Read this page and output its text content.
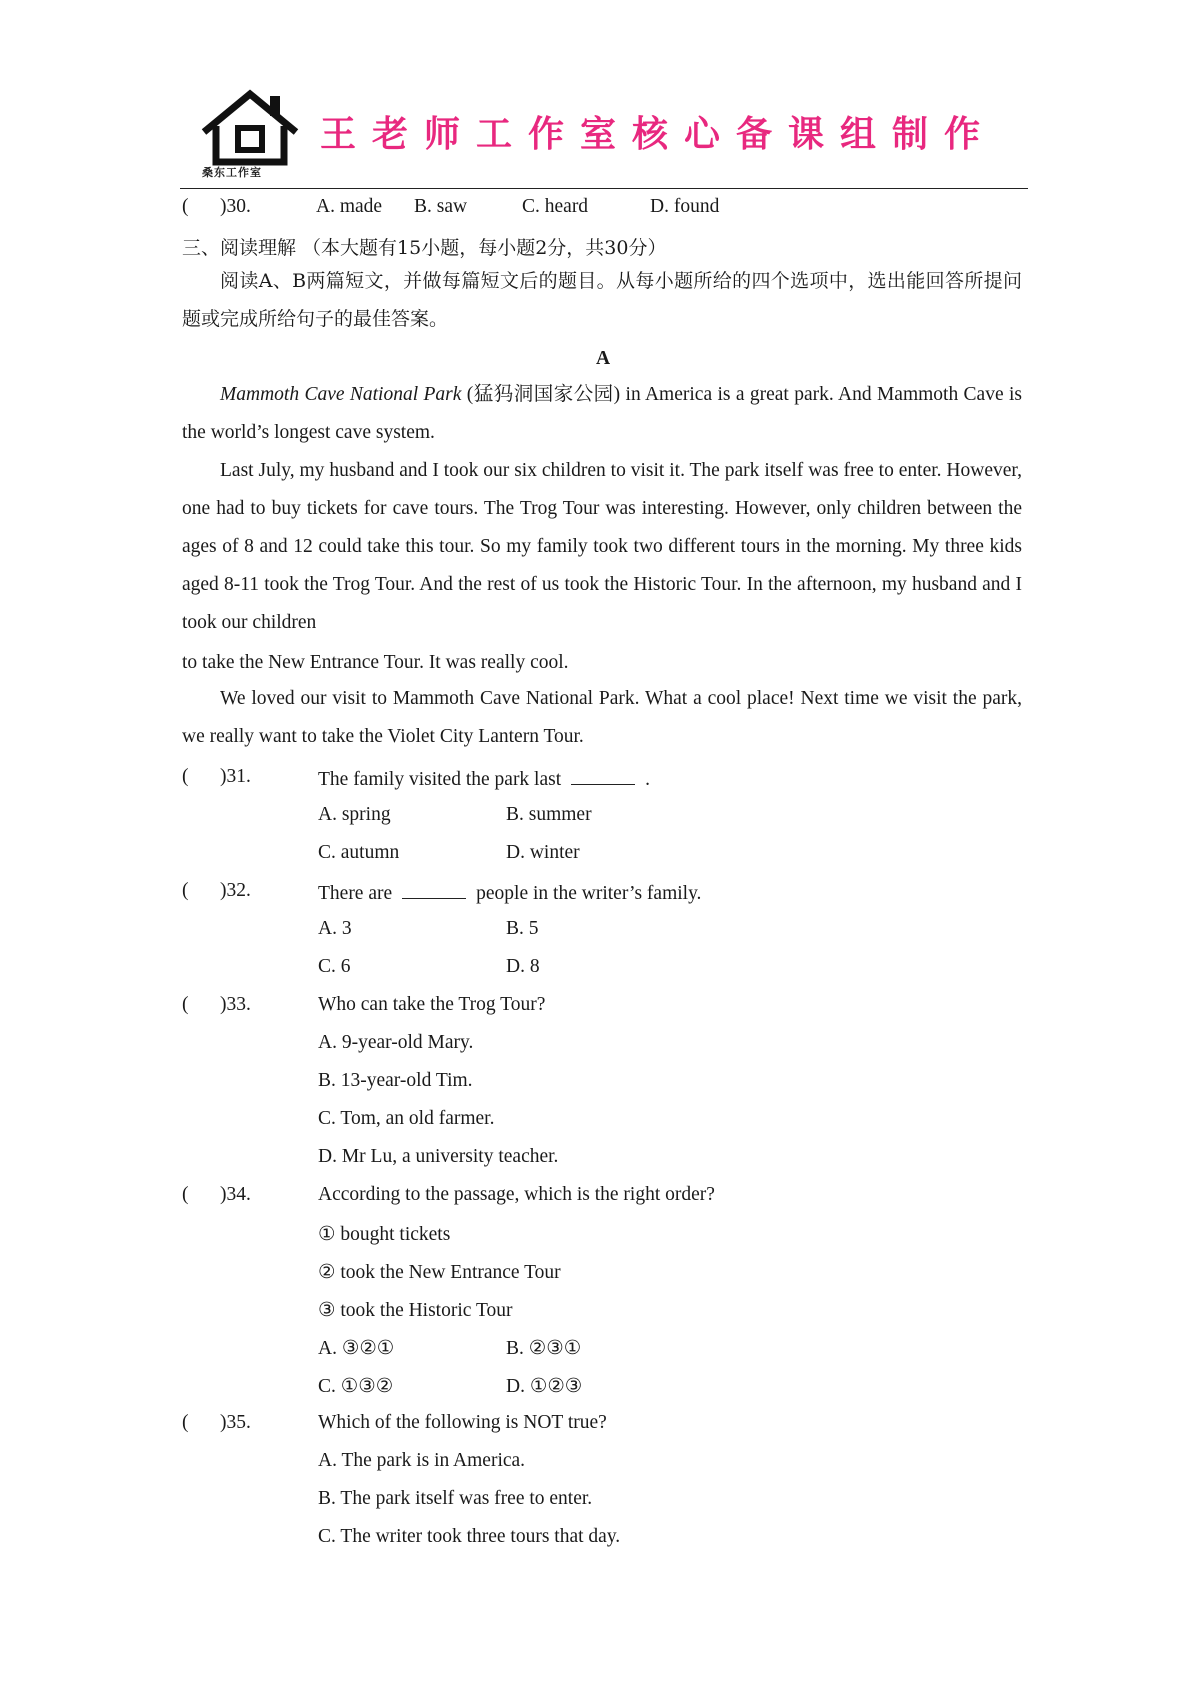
桑东工作室
王老师工作室核心备课组制作
( )30.	A. made B. saw	C. heard	D. found
三、阅读理解 （本大题有15小题，每小题2分，共30分）
阅读A、B两篇短文，并做每篇短文后的题目。从每小题所给的四个选项中，选出能回答所提问题或完成所给句子的最佳答案。
A
Mammoth Cave National Park (猛犸洞国家公园) in America is a great park. And Mammoth Cave is the world’s longest cave system.
Last July, my husband and I took our six children to visit it. The park itself was free to enter. However, one had to buy tickets for cave tours. The Trog Tour was interesting. However, only children between the ages of 8 and 12 could take this tour. So my family took two different tours in the morning. My three kids aged 8-11 took the Trog Tour. And the rest of us took the Historic Tour. In the afternoon, my husband and I took our children
to take the New Entrance Tour. It was really cool.
We loved our visit to Mammoth Cave National Park. What a cool place! Next time we visit the park, we really want to take the Violet City Lantern Tour.
( )31.	The family visited the park last	.
A. spring	B. summer
C. autumn	D. winter
( )32.	There are	people in the writer’s family.
A. 3	B. 5
C. 6	D. 8
( )33.	Who can take the Trog Tour?
A. 9-year-old Mary.
B. 13-year-old Tim.
C. Tom, an old farmer.
D. Mr Lu, a university teacher.
( )34.	According to the passage, which is the right order?
① bought tickets
② took the New Entrance Tour
③ took the Historic Tour
A. ③②①	B. ②③①
C. ①③②	D. ①②③
( )35.	Which of the following is NOT true?
A. The park is in America.
B. The park itself was free to enter.
C. The writer took three tours that day.
